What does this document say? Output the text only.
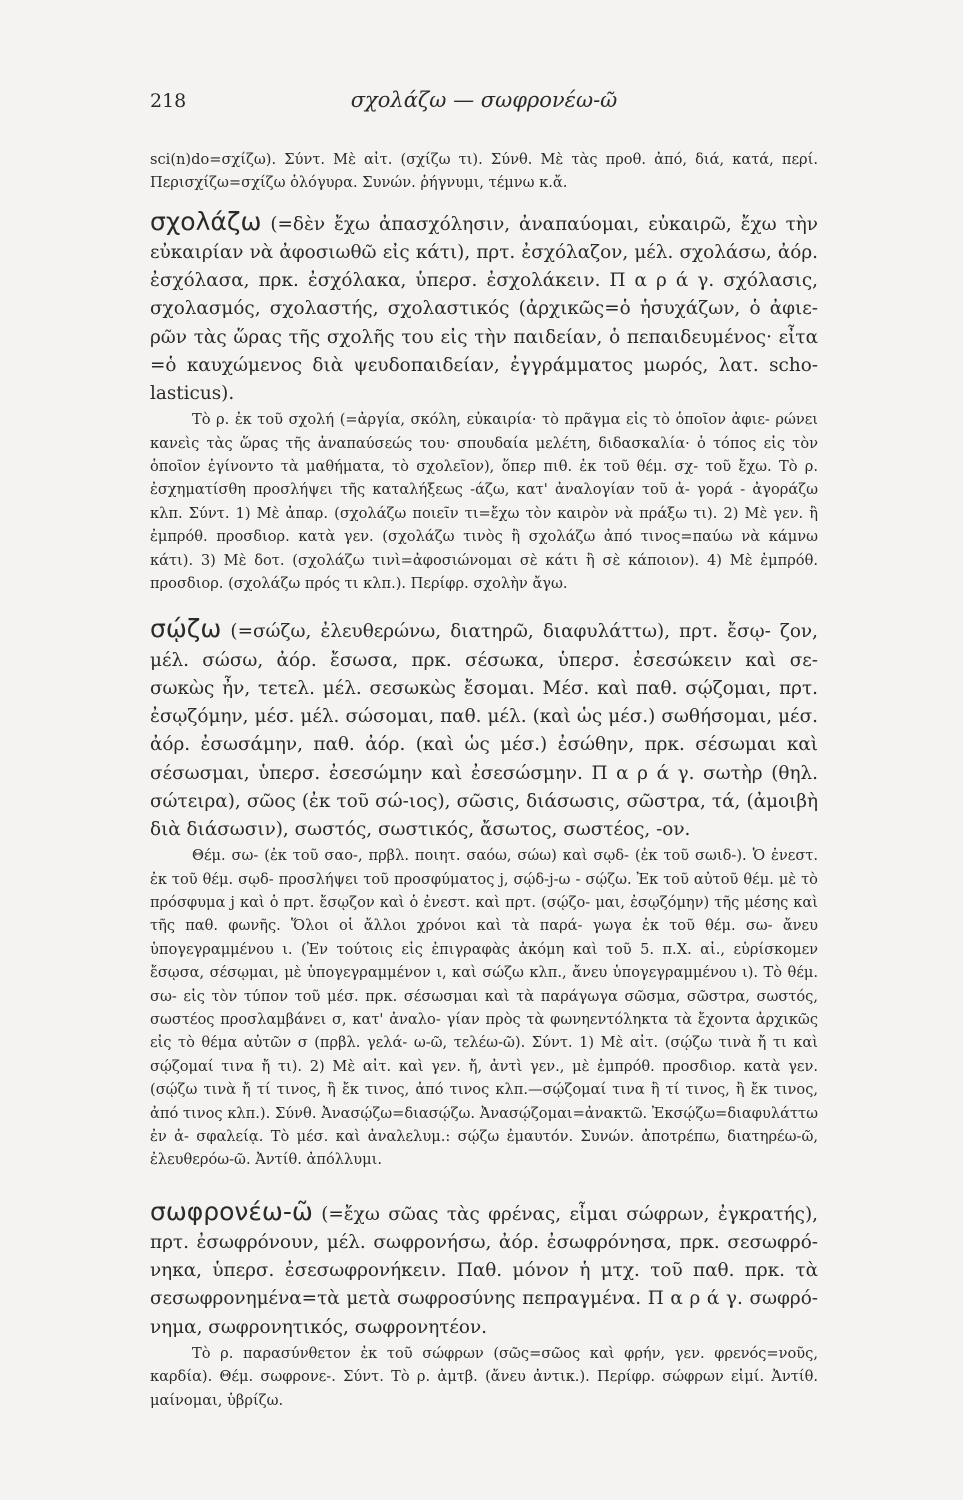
218	σχολάζω — σωφρονέω-ῶ

sci(n)do=σχίζω). Σύντ. Μὲ αἰτ. (σχίζω τι). Σύνθ. Μὲ τὰς προθ. ἀπό, διά, κατά, περί. Περισχίζω=σχίζω ὁλόγυρα. Συνών. ῥήγνυμι, τέμνω κ.ἄ.

σχολάζω (=δὲν ἔχω ἀπασχόλησιν, ἀναπαύομαι, εὐκαιρῶ, ἔχω τὴν εὐκαιρίαν νὰ ἀφοσιωθῶ εἰς κάτι), πρτ. ἐσχόλαζον, μέλ. σχολάσω, ἀόρ. ἐσχόλασα, πρκ. ἐσχόλακα, ὑπερσ. ἐσχολάκειν. Π α ρ ά γ. σχόλασις, σχολασμός, σχολαστής, σχολαστικός (ἀρχικῶς=ὁ ἡσυχάζων, ὁ ἀφιε- ρῶν τὰς ὥρας τῆς σχολῆς του εἰς τὴν παιδείαν, ὁ πεπαιδευμένος· εἶτα =ὁ καυχώμενος διὰ ψευδοπαιδείαν, ἐγγράμματος μωρός, λατ. scho- lasticus).

Τὸ ρ. ἐκ τοῦ σχολή (=ἀργία, σκόλη, εὐκαιρία· τὸ πρᾶγμα εἰς τὸ ὁποῖον ἀφιε- ρώνει κανεὶς τὰς ὥρας τῆς ἀναπαύσεώς του· σπουδαία μελέτη, διδασκαλία· ὁ τόπος εἰς τὸν ὁποῖον ἐγίνοντο τὰ μαθήματα, τὸ σχολεῖον), ὅπερ πιθ. ἐκ τοῦ θέμ. σχ- τοῦ ἔχω. Τὸ ρ. ἐσχηματίσθη προσλήψει τῆς καταλήξεως -άζω, κατ' ἀναλογίαν τοῦ ἀ- γορά - ἀγοράζω κλπ. Σύντ. 1) Μὲ ἀπαρ. (σχολάζω ποιεῖν τι=ἔχω τὸν καιρὸν νὰ πράξω τι). 2) Μὲ γεν. ἢ ἐμπρόθ. προσδιορ. κατὰ γεν. (σχολάζω τινὸς ἢ σχολάζω ἀπό τινος=παύω νὰ κάμνω κάτι). 3) Μὲ δοτ. (σχολάζω τινὶ=ἀφοσιώνομαι σὲ κάτι ἢ σὲ κάποιον). 4) Μὲ ἐμπρόθ. προσδιορ. (σχολάζω πρός τι κλπ.). Περίφρ. σχολὴν ἄγω.

σῴζω (=σώζω, ἐλευθερώνω, διατηρῶ, διαφυλάττω), πρτ. ἔσῳ- ζον, μέλ. σώσω, ἀόρ. ἔσωσα, πρκ. σέσωκα, ὑπερσ. ἐσεσώκειν καὶ σε- σωκὼς ἦν, τετελ. μέλ. σεσωκὼς ἔσομαι. Μέσ. καὶ παθ. σῴζομαι, πρτ. ἐσῳζόμην, μέσ. μέλ. σώσομαι, παθ. μέλ. (καὶ ὡς μέσ.) σωθήσομαι, μέσ. ἀόρ. ἐσωσάμην, παθ. ἀόρ. (καὶ ὡς μέσ.) ἐσώθην, πρκ. σέσωμαι καὶ σέσωσμαι, ὑπερσ. ἐσεσώμην καὶ ἐσεσώσμην. Π α ρ ά γ. σωτὴρ (θηλ. σώτειρα), σῶος (ἐκ τοῦ σώ-ιος), σῶσις, διάσωσις, σῶστρα, τά, (ἀμοιβὴ διὰ διάσωσιν), σωστός, σωστικός, ἄσωτος, σωστέος, -ον.

Θέμ. σω- (ἐκ τοῦ σαο-, πρβλ. ποιητ. σαόω, σώω) καὶ σῳδ- (ἐκ τοῦ σωιδ-). Ὁ ἐνεστ. ἐκ τοῦ θέμ. σῳδ- προσλήψει τοῦ προσφύματος j, σῴδ-j-ω - σῴζω. Ἐκ τοῦ αὐτοῦ θέμ. μὲ τὸ πρόσφυμα j καὶ ὁ πρτ. ἔσῳζον καὶ ὁ ἐνεστ. καὶ πρτ. (σῴζο- μαι, ἐσῳζόμην) τῆς μέσης καὶ τῆς παθ. φωνῆς. Ὅλοι οἱ ἄλλοι χρόνοι καὶ τὰ παρά- γωγα ἐκ τοῦ θέμ. σω- ἄνευ ὑπογεγραμμένου ι. (Ἐν τούτοις εἰς ἐπιγραφὰς ἀκόμη καὶ τοῦ 5. π.Χ. αἰ., εὑρίσκομεν ἔσῳσα, σέσῳμαι, μὲ ὑπογεγραμμένον ι, καὶ σώζω κλπ., ἄνευ ὑπογεγραμμένου ι). Τὸ θέμ. σω- εἰς τὸν τύπον τοῦ μέσ. πρκ. σέσωσμαι καὶ τὰ παράγωγα σῶσμα, σῶστρα, σωστός, σωστέος προσλαμβάνει σ, κατ' ἀναλο- γίαν πρὸς τὰ φωνηεντόληκτα τὰ ἔχοντα ἀρχικῶς εἰς τὸ θέμα αὐτῶν σ (πρβλ. γελά- ω-ῶ, τελέω-ῶ). Σύντ. 1) Μὲ αἰτ. (σῴζω τινὰ ἤ τι καὶ σῴζομαί τινα ἤ τι). 2) Μὲ αἰτ. καὶ γεν. ἤ, ἀντὶ γεν., μὲ ἐμπρόθ. προσδιορ. κατὰ γεν. (σῴζω τινὰ ἤ τί τινος, ἢ ἔκ τινος, ἀπό τινος κλπ.—σῴζομαί τινα ἢ τί τινος, ἢ ἔκ τινος, ἀπό τινος κλπ.). Σύνθ. Ἀνασῴζω=διασῴζω. Ἀνασῴζομαι=ἀνακτῶ. Ἐκσῴζω=διαφυλάττω ἐν ἀ- σφαλείᾳ. Τὸ μέσ. καὶ ἀναλελυμ.: σῴζω ἐμαυτόν. Συνών. ἀποτρέπω, διατηρέω-ῶ, ἐλευθερόω-ῶ. Ἀντίθ. ἀπόλλυμι.

σωφρονέω-ῶ (=ἔχω σῶας τὰς φρένας, εἶμαι σώφρων, ἐγκρατής), πρτ. ἐσωφρόνουν, μέλ. σωφρονήσω, ἀόρ. ἐσωφρόνησα, πρκ. σεσωφρό- νηκα, ὑπερσ. ἐσεσωφρονήκειν. Παθ. μόνον ἡ μτχ. τοῦ παθ. πρκ. τὰ σεσωφρονημένα=τὰ μετὰ σωφροσύνης πεπραγμένα. Π α ρ ά γ. σωφρό- νημα, σωφρονητικός, σωφρονητέον.

Τὸ ρ. παρασύνθετον ἐκ τοῦ σώφρων (σῶς=σῶος καὶ φρήν, γεν. φρενός=νοῦς, καρδία). Θέμ. σωφρονε-. Σύντ. Τὸ ρ. ἀμτβ. (ἄνευ ἀντικ.). Περίφρ. σώφρων εἰμί. Ἀντίθ. μαίνομαι, ὑβρίζω.
